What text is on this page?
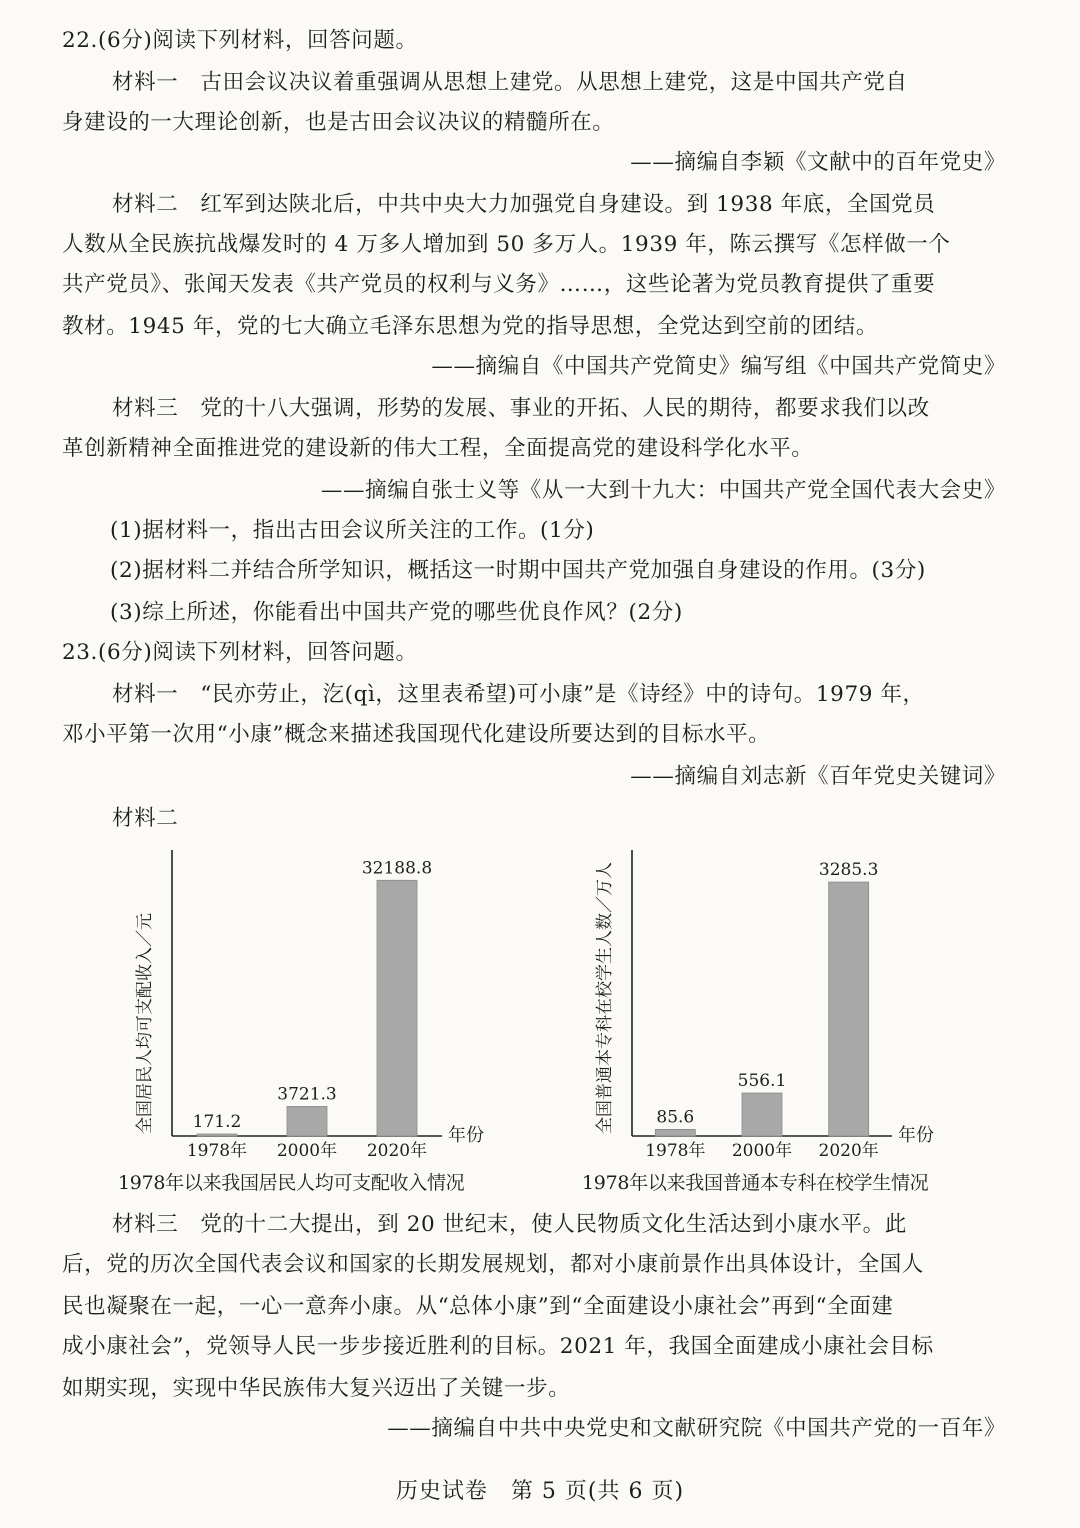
22.(6分)阅读下列材料，回答问题。
材料一　古田会议决议着重强调从思想上建党。从思想上建党，这是中国共产党自
身建设的一大理论创新，也是古田会议决议的精髓所在。
——摘编自李颖《文献中的百年党史》
材料二　红军到达陕北后，中共中央大力加强党自身建设。到 1938 年底，全国党员
人数从全民族抗战爆发时的 4 万多人增加到 50 多万人。1939 年，陈云撰写《怎样做一个
共产党员》、张闻天发表《共产党员的权利与义务》……，这些论著为党员教育提供了重要
教材。1945 年，党的七大确立毛泽东思想为党的指导思想，全党达到空前的团结。
——摘编自《中国共产党简史》编写组《中国共产党简史》
材料三　党的十八大强调，形势的发展、事业的开拓、人民的期待，都要求我们以改
革创新精神全面推进党的建设新的伟大工程，全面提高党的建设科学化水平。
——摘编自张士义等《从一大到十九大：中国共产党全国代表大会史》
(1)据材料一，指出古田会议所关注的工作。(1分)
(2)据材料二并结合所学知识，概括这一时期中国共产党加强自身建设的作用。(3分)
(3)综上所述，你能看出中国共产党的哪些优良作风？(2分)
23.(6分)阅读下列材料，回答问题。
材料一　“民亦劳止，汔(qì，这里表希望)可小康”是《诗经》中的诗句。1979 年，
邓小平第一次用“小康”概念来描述我国现代化建设所要达到的目标水平。
——摘编自刘志新《百年党史关键词》
材料二
全国居民人均可支配收入／元
年份
171.2
1978年
3721.3
2000年
32188.8
2020年
全国普通本专科在校学生人数／万人
年份
85.6
1978年
556.1
2000年
3285.3
2020年
1978年以来我国居民人均可支配收入情况	1978年以来我国普通本专科在校学生情况
材料三　党的十二大提出，到 20 世纪末，使人民物质文化生活达到小康水平。此
后，党的历次全国代表会议和国家的长期发展规划，都对小康前景作出具体设计，全国人
民也凝聚在一起，一心一意奔小康。从“总体小康”到“全面建设小康社会”再到“全面建
成小康社会”，党领导人民一步步接近胜利的目标。2021 年，我国全面建成小康社会目标
如期实现，实现中华民族伟大复兴迈出了关键一步。
——摘编自中共中央党史和文献研究院《中国共产党的一百年》
历史试卷　第 5 页(共 6 页)
